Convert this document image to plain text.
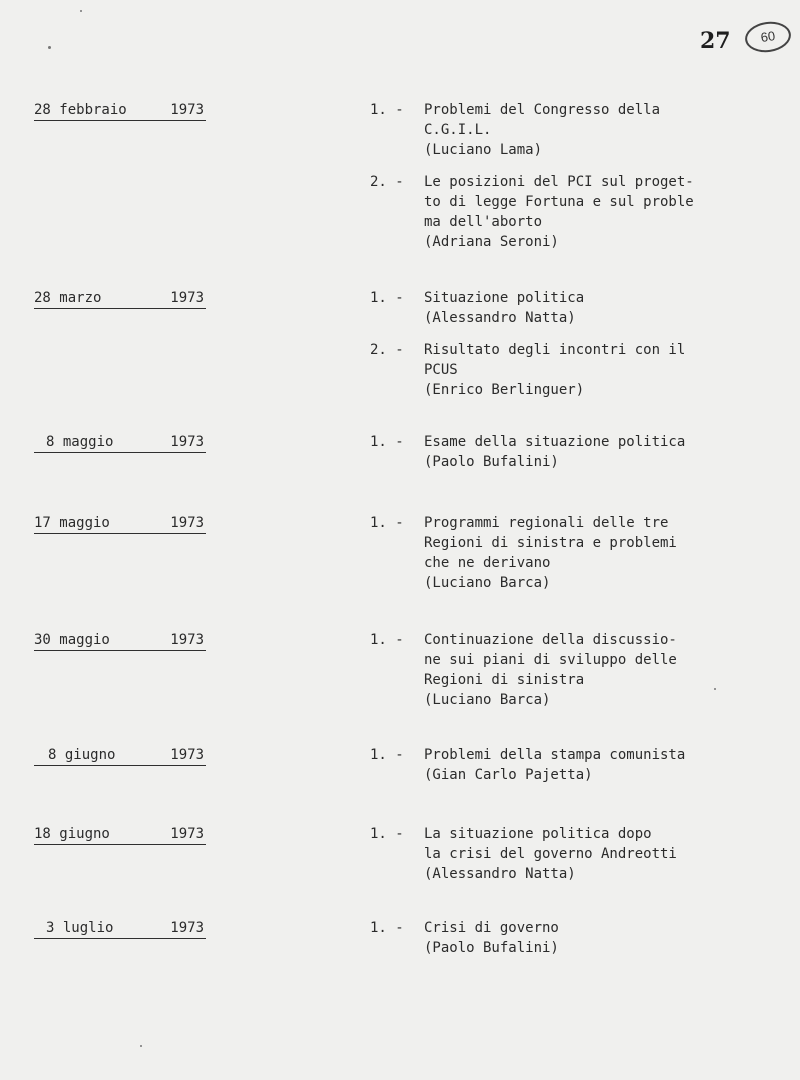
27	60
28 febbraio	1973	1. - Problemi del Congresso della
C.G.I.L.
(Luciano Lama)
2. - Le posizioni del PCI sul proget-
to di legge Fortuna e sul proble
ma dell'aborto
(Adriana Seroni)
28 marzo	1973	1. - Situazione politica
(Alessandro Natta)
2. - Risultato degli incontri con il
PCUS
(Enrico Berlinguer)
8 maggio	1973	1. - Esame della situazione politica
(Paolo Bufalini)
17 maggio	1973	1. - Programmi regionali delle tre
Regioni di sinistra e problemi
che ne derivano
(Luciano Barca)
30 maggio	1973	1. - Continuazione della discussio-
ne sui piani di sviluppo delle
Regioni di sinistra
(Luciano Barca)
8 giugno	1973	1. - Problemi della stampa comunista
(Gian Carlo Pajetta)
18 giugno	1973	1. - La situazione politica dopo
la crisi del governo Andreotti
(Alessandro Natta)
3 luglio	1973	1. - Crisi di governo
(Paolo Bufalini)
